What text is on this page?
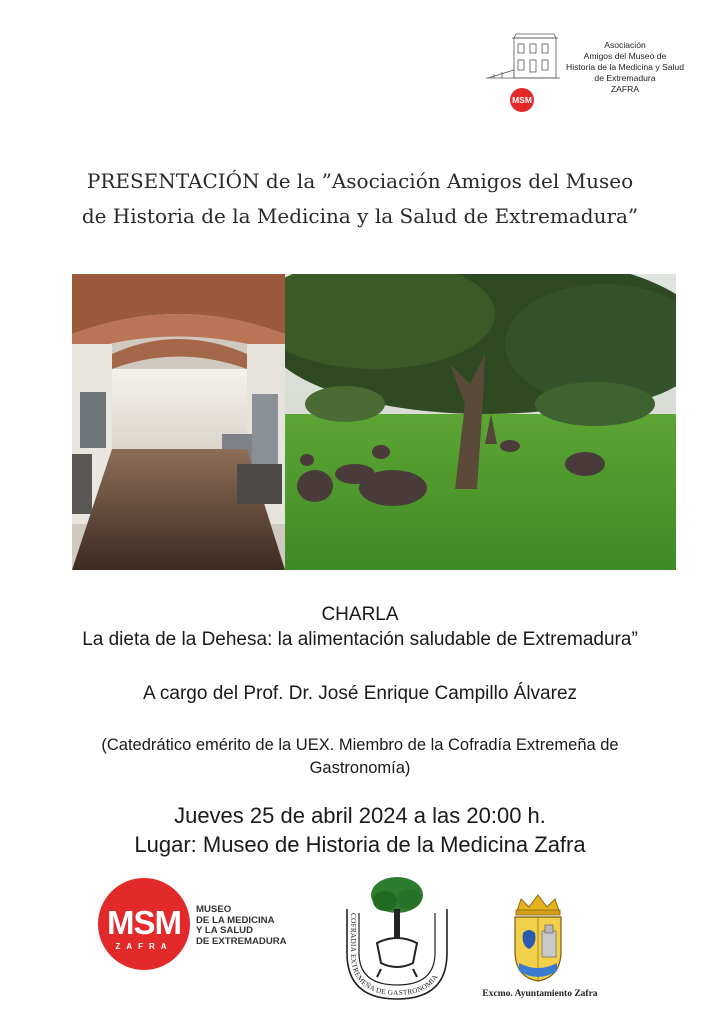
MSM
Asociación
Amigos del Museo de
Historia de la Medicina y Salud
de Extremadura
ZAFRA
PRESENTACIÓN de la ”Asociación Amigos del Museo
de Historia de la Medicina y la Salud de Extremadura”
CHARLA
La dieta de la Dehesa: la alimentación saludable de Extremadura”
A cargo del Prof. Dr. José Enrique Campillo Álvarez
(Catedrático emérito de la UEX. Miembro de la Cofradía Extremeña de
Gastronomía)
Jueves 25 de abril 2024 a las 20:00 h.
Lugar: Museo de Historia de la Medicina Zafra
MSM
ZAFRA
MUSEO
DE LA MEDICINA
Y LA SALUD
DE EXTREMADURA
COFRADIA EXTREMEÑA DE GASTRONOMIA
Excmo. Ayuntamiento Zafra
